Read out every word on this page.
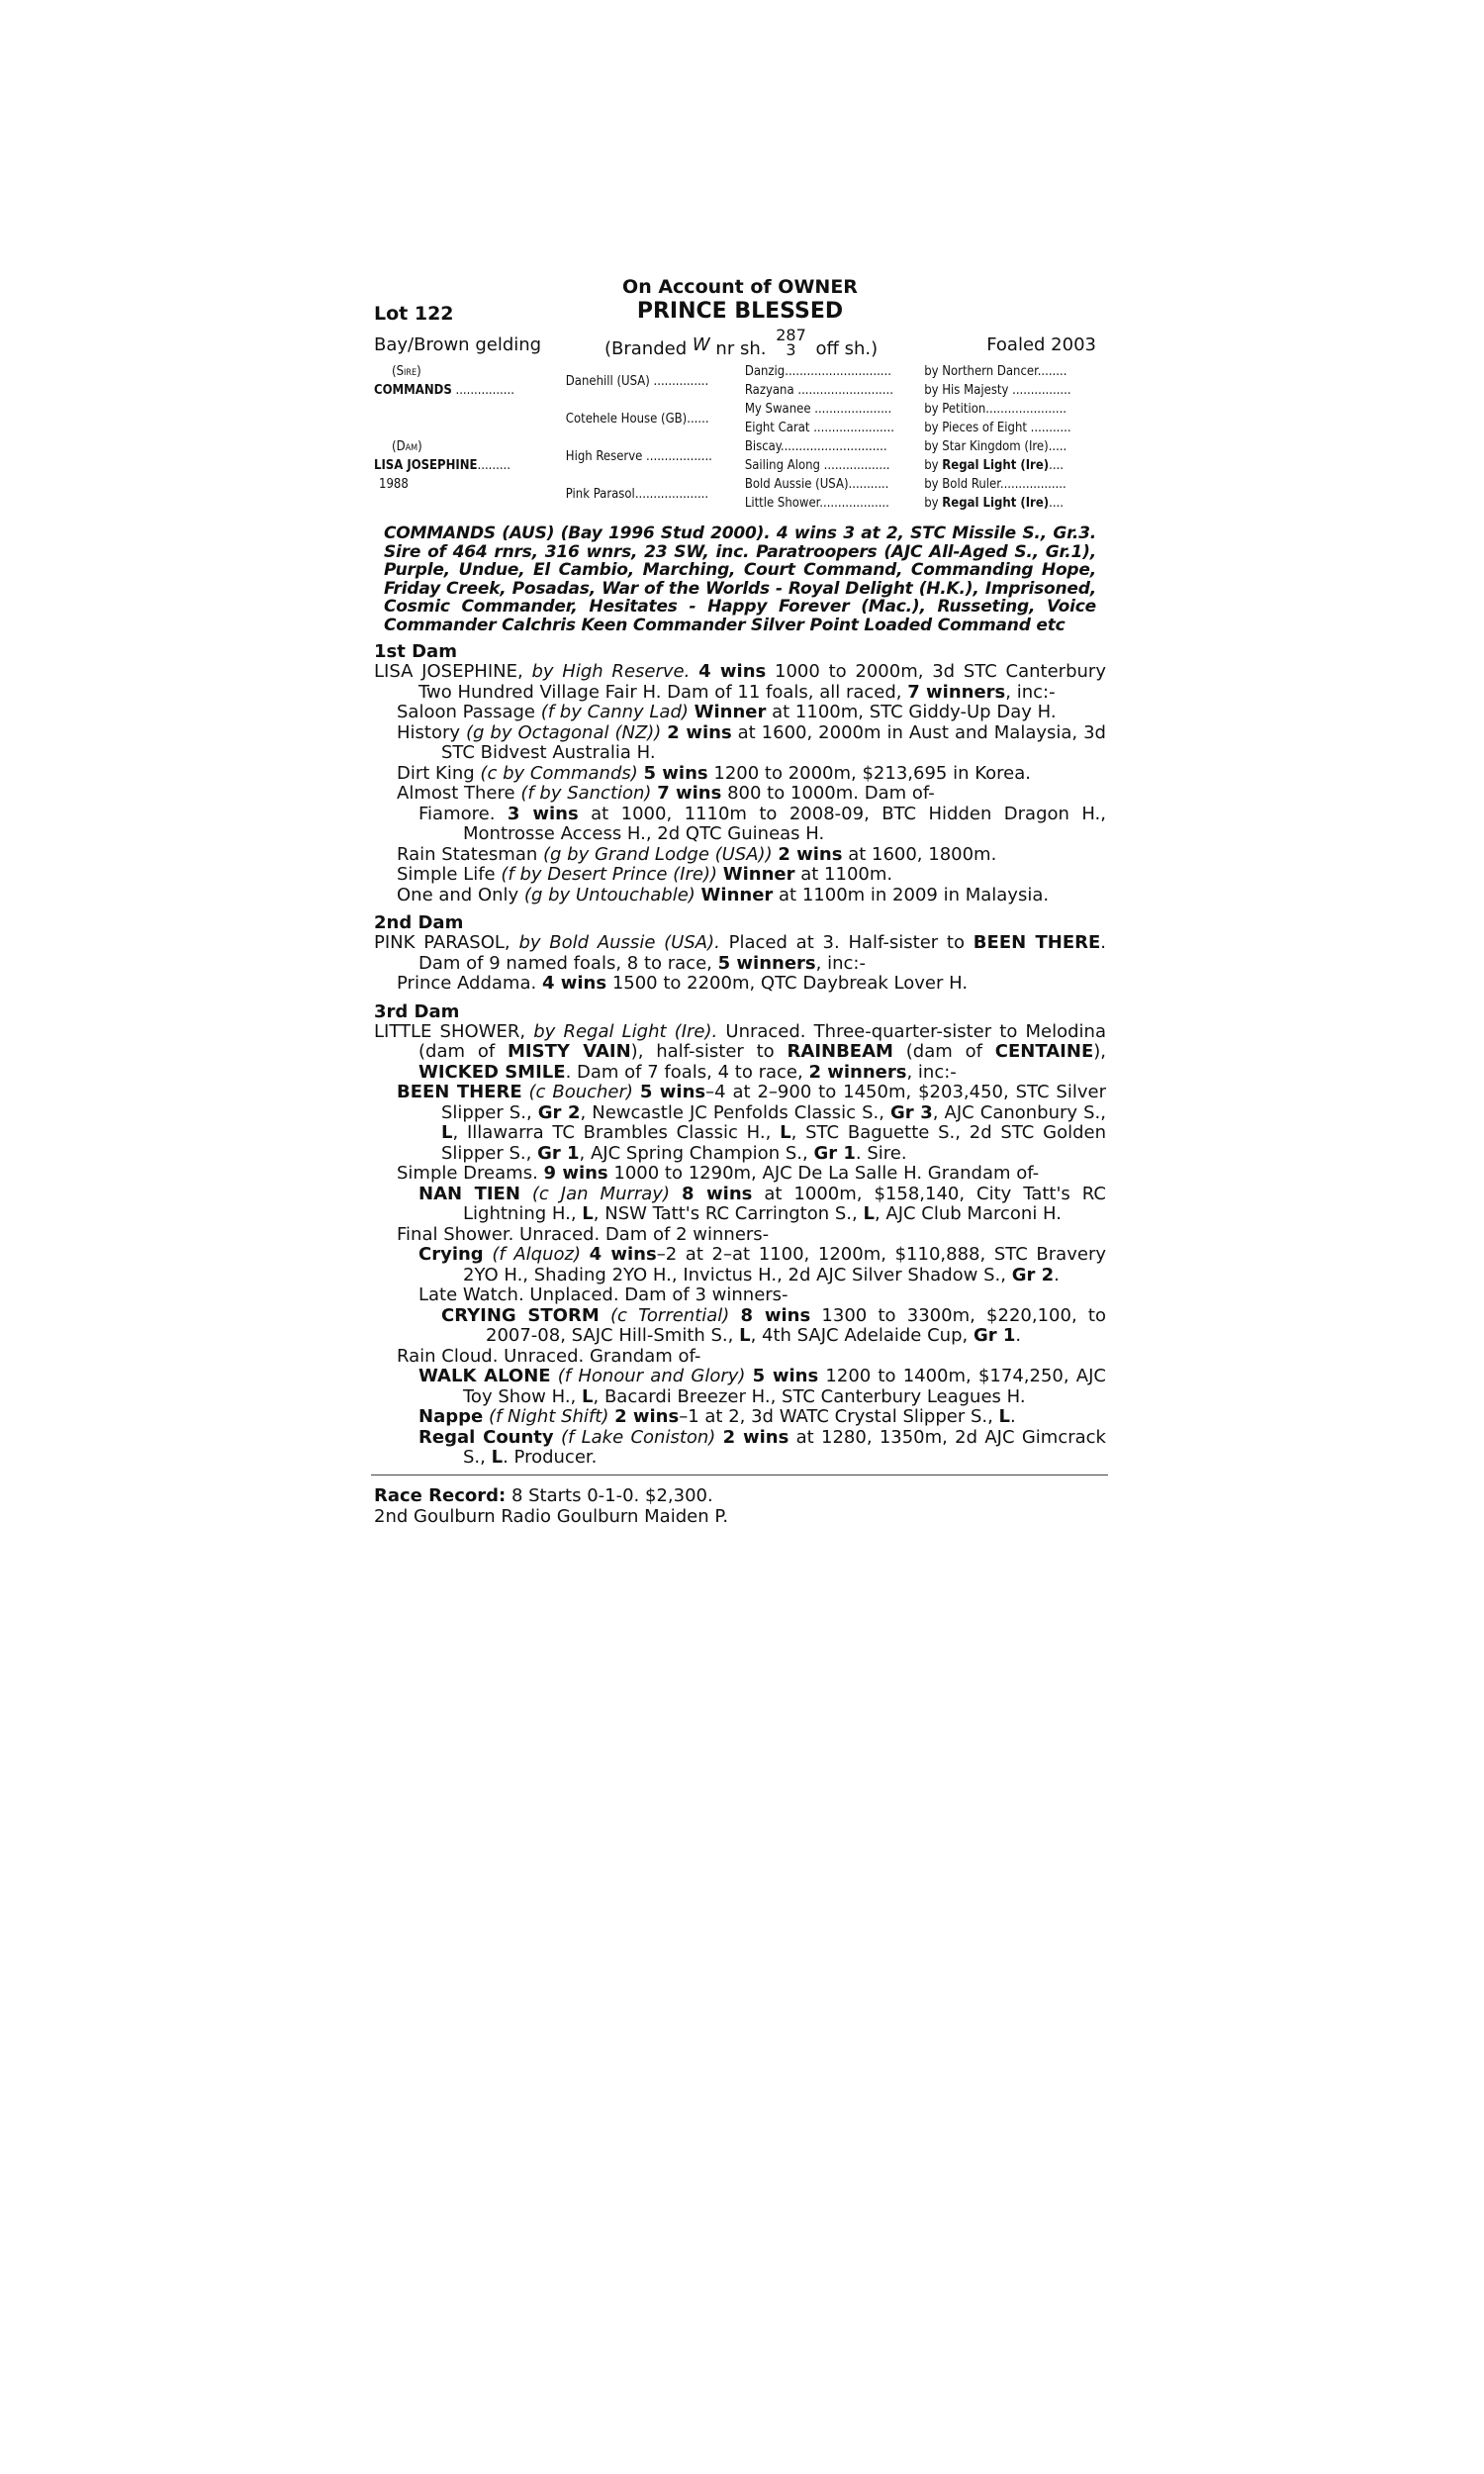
On Account of OWNER
Lot 122	PRINCE BLESSED
Bay/Brown gelding	(Branded W nr sh. 287
3 off sh.)	Foaled 2003
(Sire)	Danehill (USA) ...............	Danzig.............................	by Northern Dancer........
COMMANDS ................		Razyana ..........................	by His Majesty ................
	Cotehele House (GB)......	My Swanee .....................	by Petition......................
		Eight Carat ......................	by Pieces of Eight ...........
(Dam)	High Reserve ..................	Biscay.............................	by Star Kingdom (Ire).....
LISA JOSEPHINE.........		Sailing Along ..................	by Regal Light (Ire)....
1988	Pink Parasol....................	Bold Aussie (USA)...........	by Bold Ruler..................
		Little Shower...................	by Regal Light (Ire)....
COMMANDS (AUS) (Bay 1996 Stud 2000). 4 wins 3 at 2, STC Missile S., Gr.3. Sire of 464 rnrs, 316 wnrs, 23 SW, inc. Paratroopers (AJC All-Aged S., Gr.1), Purple, Undue, El Cambio, Marching, Court Command, Commanding Hope, Friday Creek, Posadas, War of the Worlds - Royal Delight (H.K.), Imprisoned, Cosmic Commander, Hesitates - Happy Forever (Mac.), Russeting, Voice Commander Calchris Keen Commander Silver Point Loaded Command etc
1st Dam
LISA JOSEPHINE, by High Reserve. 4 wins 1000 to 2000m, 3d STC Canterbury Two Hundred Village Fair H. Dam of 11 foals, all raced, 7 winners, inc:-
Saloon Passage (f by Canny Lad) Winner at 1100m, STC Giddy-Up Day H.
History (g by Octagonal (NZ)) 2 wins at 1600, 2000m in Aust and Malaysia, 3d STC Bidvest Australia H.
Dirt King (c by Commands) 5 wins 1200 to 2000m, $213,695 in Korea.
Almost There (f by Sanction) 7 wins 800 to 1000m. Dam of-
Fiamore. 3 wins at 1000, 1110m to 2008-09, BTC Hidden Dragon H., Montrosse Access H., 2d QTC Guineas H.
Rain Statesman (g by Grand Lodge (USA)) 2 wins at 1600, 1800m.
Simple Life (f by Desert Prince (Ire)) Winner at 1100m.
One and Only (g by Untouchable) Winner at 1100m in 2009 in Malaysia.
2nd Dam
PINK PARASOL, by Bold Aussie (USA). Placed at 3. Half-sister to BEEN THERE. Dam of 9 named foals, 8 to race, 5 winners, inc:-
Prince Addama. 4 wins 1500 to 2200m, QTC Daybreak Lover H.
3rd Dam
LITTLE SHOWER, by Regal Light (Ire). Unraced. Three-quarter-sister to Melodina (dam of MISTY VAIN), half-sister to RAINBEAM (dam of CENTAINE), WICKED SMILE. Dam of 7 foals, 4 to race, 2 winners, inc:-
BEEN THERE (c Boucher) 5 wins–4 at 2–900 to 1450m, $203,450, STC Silver Slipper S., Gr 2, Newcastle JC Penfolds Classic S., Gr 3, AJC Canonbury S., L, Illawarra TC Brambles Classic H., L, STC Baguette S., 2d STC Golden Slipper S., Gr 1, AJC Spring Champion S., Gr 1. Sire.
Simple Dreams. 9 wins 1000 to 1290m, AJC De La Salle H. Grandam of-
NAN TIEN (c Jan Murray) 8 wins at 1000m, $158,140, City Tatt's RC Lightning H., L, NSW Tatt's RC Carrington S., L, AJC Club Marconi H.
Final Shower. Unraced. Dam of 2 winners-
Crying (f Alquoz) 4 wins–2 at 2–at 1100, 1200m, $110,888, STC Bravery 2YO H., Shading 2YO H., Invictus H., 2d AJC Silver Shadow S., Gr 2.
Late Watch. Unplaced. Dam of 3 winners-
CRYING STORM (c Torrential) 8 wins 1300 to 3300m, $220,100, to 2007-08, SAJC Hill-Smith S., L, 4th SAJC Adelaide Cup, Gr 1.
Rain Cloud. Unraced. Grandam of-
WALK ALONE (f Honour and Glory) 5 wins 1200 to 1400m, $174,250, AJC Toy Show H., L, Bacardi Breezer H., STC Canterbury Leagues H.
Nappe (f Night Shift) 2 wins–1 at 2, 3d WATC Crystal Slipper S., L.
Regal County (f Lake Coniston) 2 wins at 1280, 1350m, 2d AJC Gimcrack S., L. Producer.
Race Record: 8 Starts 0-1-0. $2,300.
2nd Goulburn Radio Goulburn Maiden P.
